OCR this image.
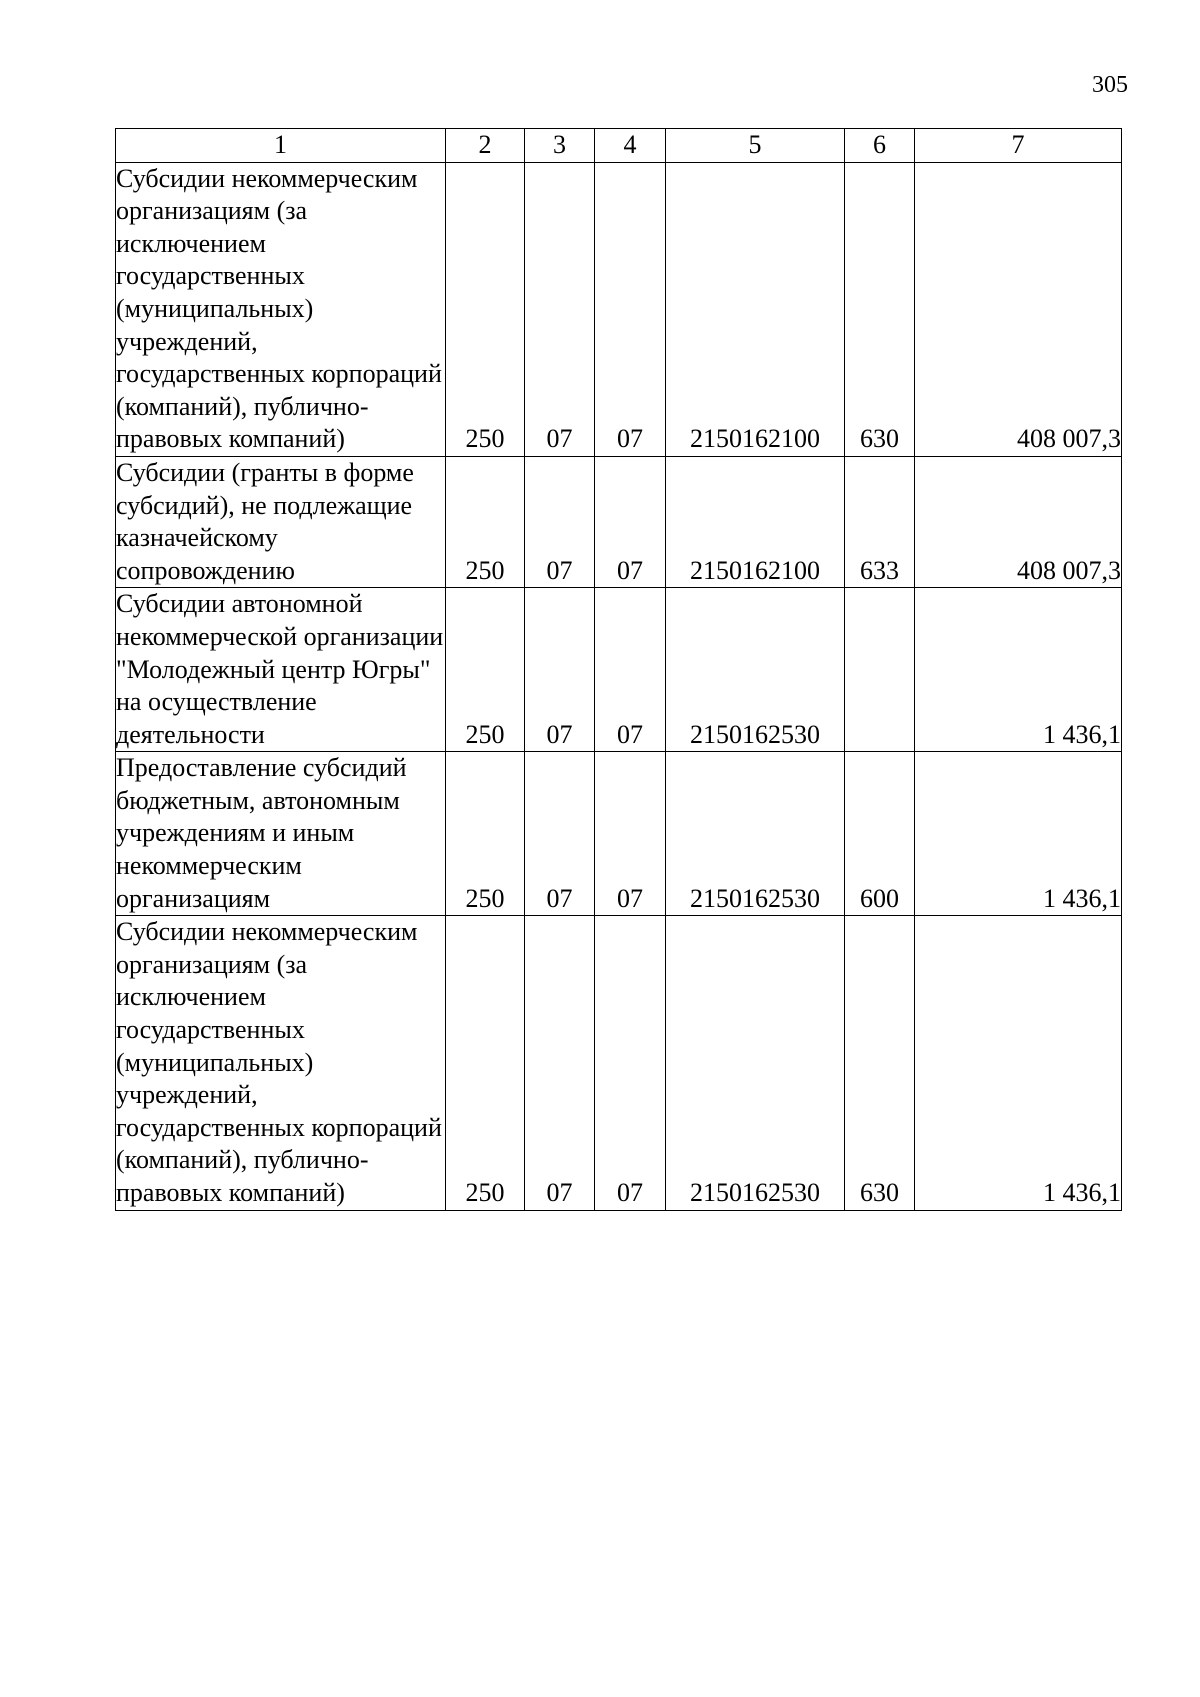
305
1	2	3	4	5	6	7
Субсидии некоммерческим организациям (за исключением государственных (муниципальных) учреждений, государственных корпораций (компаний), публично-правовых компаний)	250	07	07	2150162100	630	408 007,3
Субсидии (гранты в форме субсидий), не подлежащие казначейскому сопровождению	250	07	07	2150162100	633	408 007,3
Субсидии автономной некоммерческой организации "Молодежный центр Югры" на осуществление деятельности	250	07	07	2150162530		1 436,1
Предоставление субсидий бюджетным, автономным учреждениям и иным некоммерческим организациям	250	07	07	2150162530	600	1 436,1
Субсидии некоммерческим организациям (за исключением государственных (муниципальных) учреждений, государственных корпораций (компаний), публично-правовых компаний)	250	07	07	2150162530	630	1 436,1
